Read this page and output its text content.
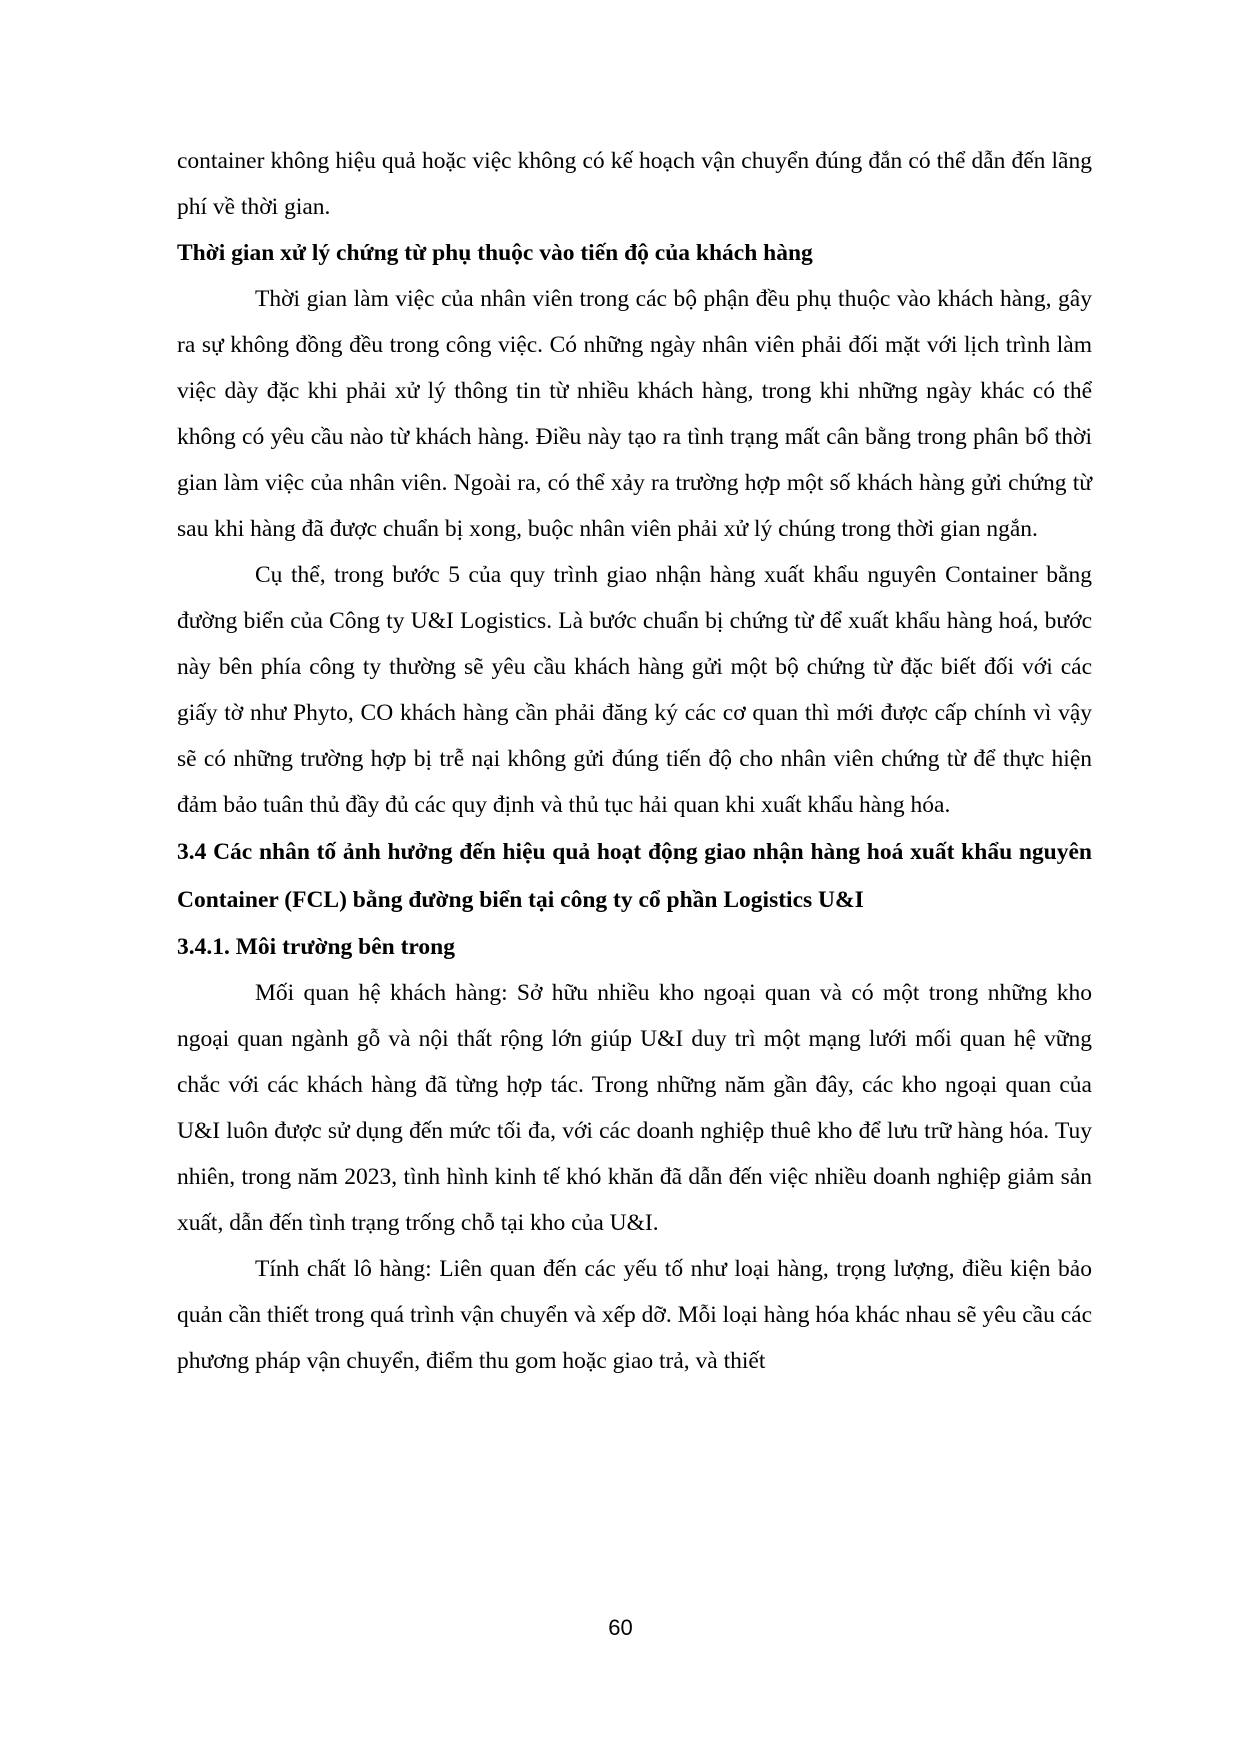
container không hiệu quả hoặc việc không có kế hoạch vận chuyển đúng đắn có thể dẫn đến lãng phí về thời gian.

Thời gian xử lý chứng từ phụ thuộc vào tiến độ của khách hàng

Thời gian làm việc của nhân viên trong các bộ phận đều phụ thuộc vào khách hàng, gây ra sự không đồng đều trong công việc. Có những ngày nhân viên phải đối mặt với lịch trình làm việc dày đặc khi phải xử lý thông tin từ nhiều khách hàng, trong khi những ngày khác có thể không có yêu cầu nào từ khách hàng. Điều này tạo ra tình trạng mất cân bằng trong phân bổ thời gian làm việc của nhân viên. Ngoài ra, có thể xảy ra trường hợp một số khách hàng gửi chứng từ sau khi hàng đã được chuẩn bị xong, buộc nhân viên phải xử lý chúng trong thời gian ngắn.

Cụ thể, trong bước 5 của quy trình giao nhận hàng xuất khẩu nguyên Container bằng đường biển của Công ty U&I Logistics. Là bước chuẩn bị chứng từ để xuất khẩu hàng hoá, bước này bên phía công ty thường sẽ yêu cầu khách hàng gửi một bộ chứng từ đặc biết đối với các giấy tờ như Phyto, CO khách hàng cần phải đăng ký các cơ quan thì mới được cấp chính vì vậy sẽ có những trường hợp bị trễ nại không gửi đúng tiến độ cho nhân viên chứng từ để thực hiện đảm bảo tuân thủ đầy đủ các quy định và thủ tục hải quan khi xuất khẩu hàng hóa.

3.4 Các nhân tố ảnh hưởng đến hiệu quả hoạt động giao nhận hàng hoá xuất khẩu nguyên Container (FCL) bằng đường biển tại công ty cổ phần Logistics U&I

3.4.1. Môi trường bên trong

Mối quan hệ khách hàng: Sở hữu nhiều kho ngoại quan và có một trong những kho ngoại quan ngành gỗ và nội thất rộng lớn giúp U&I duy trì một mạng lưới mối quan hệ vững chắc với các khách hàng đã từng hợp tác. Trong những năm gần đây, các kho ngoại quan của U&I luôn được sử dụng đến mức tối đa, với các doanh nghiệp thuê kho để lưu trữ hàng hóa. Tuy nhiên, trong năm 2023, tình hình kinh tế khó khăn đã dẫn đến việc nhiều doanh nghiệp giảm sản xuất, dẫn đến tình trạng trống chỗ tại kho của U&I.

Tính chất lô hàng: Liên quan đến các yếu tố như loại hàng, trọng lượng, điều kiện bảo quản cần thiết trong quá trình vận chuyển và xếp dỡ. Mỗi loại hàng hóa khác nhau sẽ yêu cầu các phương pháp vận chuyển, điểm thu gom hoặc giao trả, và thiết

60
